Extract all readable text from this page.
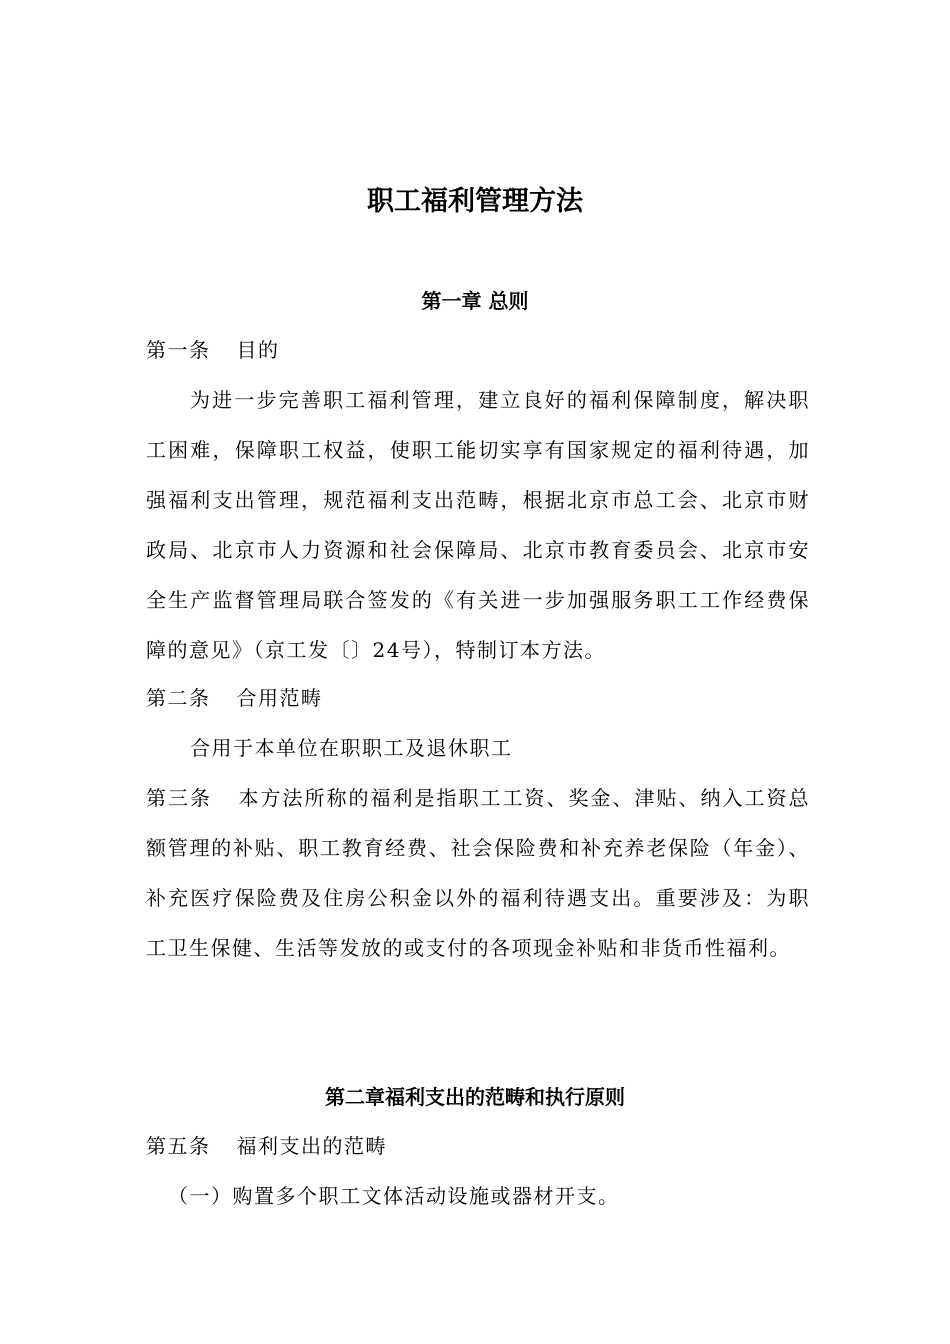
职工福利管理方法
第一章 总则
第一条 目的

为进一步完善职工福利管理，建立良好的福利保障制度，解决职工困难，保障职工权益，使职工能切实享有国家规定的福利待遇，加强福利支出管理，规范福利支出范畴，根据北京市总工会、北京市财政局、北京市人力资源和社会保障局、北京市教育委员会、北京市安全生产监督管理局联合签发的《有关进一步加强服务职工工作经费保障的意见》（京工发〔〕24号），特制订本方法。

第二条 合用范畴

合用于本单位在职职工及退休职工

第三条 本方法所称的福利是指职工工资、奖金、津贴、纳入工资总额管理的补贴、职工教育经费、社会保险费和补充养老保险（年金）、补充医疗保险费及住房公积金以外的福利待遇支出。重要涉及：为职工卫生保健、生活等发放的或支付的各项现金补贴和非货币性福利。

第二章福利支出的范畴和执行原则
第五条 福利支出的范畴
（一）购置多个职工文体活动设施或器材开支。
